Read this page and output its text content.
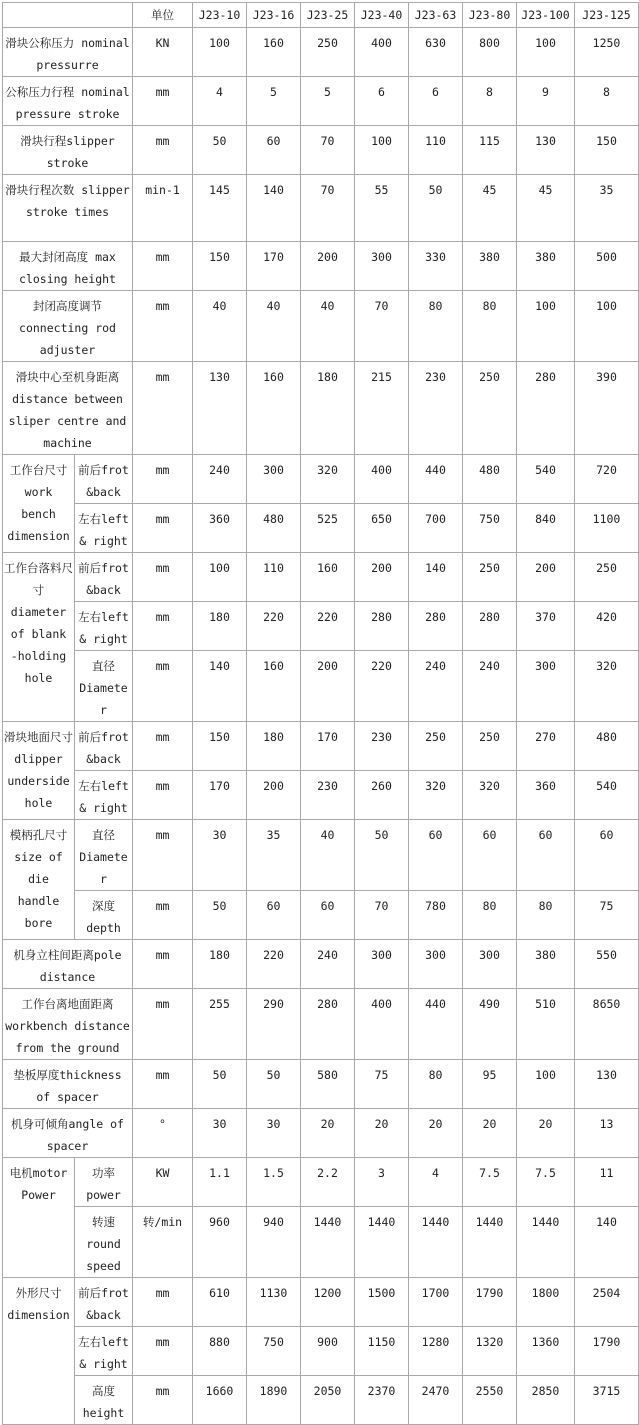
		单位	J23-10	J23-16	J23-25	J23-40	J23-63	J23-80	J23-100	J23-125
滑块公称压力 nominal pressurre		KN	100	160	250	400	630	800	100	1250
公称压力行程 nominal pressure stroke		mm	4	5	5	6	6	8	9	8
滑块行程slipper stroke		mm	50	60	70	100	110	115	130	150
滑块行程次数 slipper stroke times		min-1	145	140	70	55	50	45	45	35
最大封闭高度 max closing height		mm	150	170	200	300	330	380	380	500
封闭高度调节 connecting rod adjuster		mm	40	40	40	70	80	80	100	100
滑块中心至机身距离 distance between sliper centre and machine		mm	130	160	180	215	230	250	280	390
工作台尺寸 work bench dimension	前后frot &back	mm	240	300	320	400	440	480	540	720
	左右left & right	mm	360	480	525	650	700	750	840	1100
工作台落料尺寸 diameter of blank -holding hole	前后frot &back	mm	100	110	160	200	140	250	200	250
	左右left & right	mm	180	220	220	280	280	280	370	420
	直径 Diameter	mm	140	160	200	220	240	240	300	320
滑块地面尺寸dlipper underside hole	前后frot &back	mm	150	180	170	230	250	250	270	480
	左右left & right	mm	170	200	230	260	320	320	360	540
模柄孔尺寸 size of die handle bore	直径 Diameter	mm	30	35	40	50	60	60	60	60
	深度 depth	mm	50	60	60	70	780	80	80	75
机身立柱间距离pole distance		mm	180	220	240	300	300	300	380	550
工作台离地面距离 workbench distance from the ground		mm	255	290	280	400	440	490	510	8650
垫板厚度thickness of spacer		mm	50	50	580	75	80	95	100	130
机身可倾角angle of spacer		°	30	30	20	20	20	20	20	13
电机motor Power	功率 power	KW	1.1	1.5	2.2	3	4	7.5	7.5	11
	转速 round speed	转/min	960	940	1440	1440	1440	1440	1440	140
外形尺寸 dimension	前后frot &back	mm	610	1130	1200	1500	1700	1790	1800	2504
	左右left & right	mm	880	750	900	1150	1280	1320	1360	1790
	高度 height	mm	1660	1890	2050	2370	2470	2550	2850	3715
